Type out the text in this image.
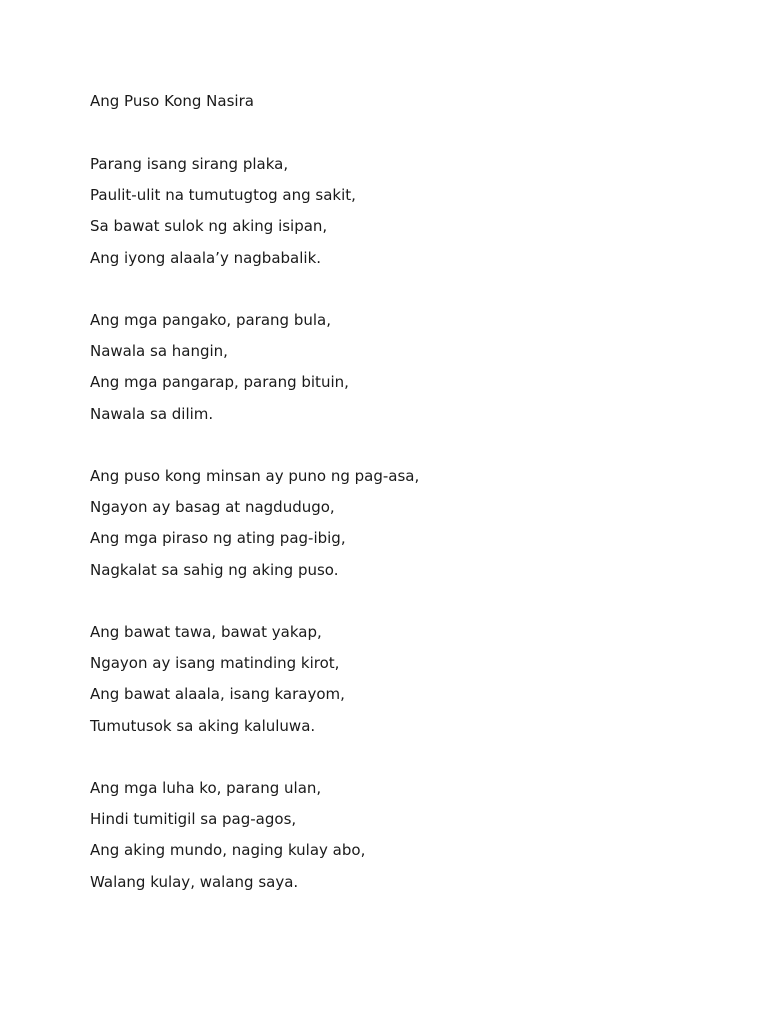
Ang Puso Kong Nasira
Parang isang sirang plaka,
Paulit-ulit na tumutugtog ang sakit,
Sa bawat sulok ng aking isipan,
Ang iyong alaala’y nagbabalik.
Ang mga pangako, parang bula,
Nawala sa hangin,
Ang mga pangarap, parang bituin,
Nawala sa dilim.
Ang puso kong minsan ay puno ng pag-asa,
Ngayon ay basag at nagdudugo,
Ang mga piraso ng ating pag-ibig,
Nagkalat sa sahig ng aking puso.
Ang bawat tawa, bawat yakap,
Ngayon ay isang matinding kirot,
Ang bawat alaala, isang karayom,
Tumutusok sa aking kaluluwa.
Ang mga luha ko, parang ulan,
Hindi tumitigil sa pag-agos,
Ang aking mundo, naging kulay abo,
Walang kulay, walang saya.
